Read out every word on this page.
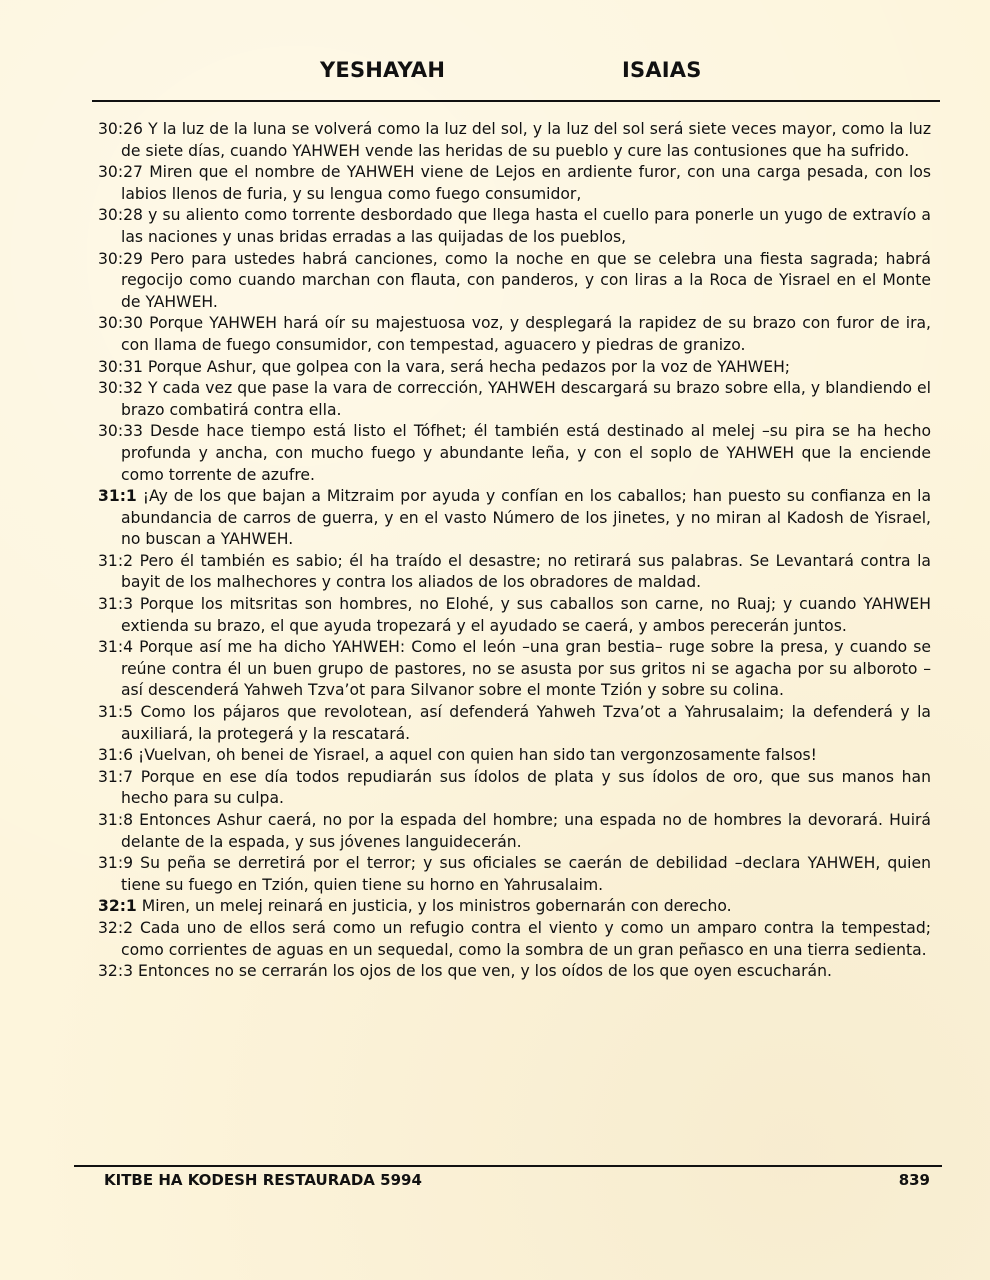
YESHAYAH	ISAIAS

30:26 Y la luz de la luna se volverá como la luz del sol, y la luz del sol será siete veces mayor, como la luz de siete días, cuando YAHWEH vende las heridas de su pueblo y cure las contusiones que ha sufrido.

30:27 Miren que el nombre de YAHWEH viene de Lejos en ardiente furor, con una carga pesada, con los labios llenos de furia, y su lengua como fuego consumidor,

30:28 y su aliento como torrente desbordado que llega hasta el cuello para ponerle un yugo de extravío a las naciones y unas bridas erradas a las quijadas de los pueblos,

30:29 Pero para ustedes habrá canciones, como la noche en que se celebra una fiesta sagrada; habrá regocijo como cuando marchan con flauta, con panderos, y con liras a la Roca de Yisrael en el Monte de YAHWEH.

30:30 Porque YAHWEH hará oír su majestuosa voz, y desplegará la rapidez de su brazo con furor de ira, con llama de fuego consumidor, con tempestad, aguacero y piedras de granizo.

30:31 Porque Ashur, que golpea con la vara, será hecha pedazos por la voz de YAHWEH;

30:32 Y cada vez que pase la vara de corrección, YAHWEH descargará su brazo sobre ella, y blandiendo el brazo combatirá contra ella.

30:33 Desde hace tiempo está listo el Tófhet; él también está destinado al melej –su pira se ha hecho profunda y ancha, con mucho fuego y abundante leña, y con el soplo de YAHWEH que la enciende como torrente de azufre.

31:1 ¡Ay de los que bajan a Mitzraim por ayuda y confían en los caballos; han puesto su confianza en la abundancia de carros de guerra, y en el vasto Número de los jinetes, y no miran al Kadosh de Yisrael, no buscan a YAHWEH.

31:2 Pero él también es sabio; él ha traído el desastre; no retirará sus palabras. Se Levantará contra la bayit de los malhechores y contra los aliados de los obradores de maldad.

31:3 Porque los mitsritas son hombres, no Elohé, y sus caballos son carne, no Ruaj; y cuando YAHWEH extienda su brazo, el que ayuda tropezará y el ayudado se caerá, y ambos perecerán juntos.

31:4 Porque así me ha dicho YAHWEH: Como el león –una gran bestia– ruge sobre la presa, y cuando se reúne contra él un buen grupo de pastores, no se asusta por sus gritos ni se agacha por su alboroto –así descenderá Yahweh Tzva’ot para Silvanor sobre el monte Tzión y sobre su colina.

31:5 Como los pájaros que revolotean, así defenderá Yahweh Tzva’ot a Yahrusalaim; la defenderá y la auxiliará, la protegerá y la rescatará.

31:6 ¡Vuelvan, oh benei de Yisrael, a aquel con quien han sido tan vergonzosamente falsos!

31:7 Porque en ese día todos repudiarán sus ídolos de plata y sus ídolos de oro, que sus manos han hecho para su culpa.

31:8 Entonces Ashur caerá, no por la espada del hombre; una espada no de hombres la devorará. Huirá delante de la espada, y sus jóvenes languidecerán.

31:9 Su peña se derretirá por el terror; y sus oficiales se caerán de debilidad –declara YAHWEH, quien tiene su fuego en Tzión, quien tiene su horno en Yahrusalaim.

32:1 Miren, un melej reinará en justicia, y los ministros gobernarán con derecho.

32:2 Cada uno de ellos será como un refugio contra el viento y como un amparo contra la tempestad; como corrientes de aguas en un sequedal, como la sombra de un gran peñasco en una tierra sedienta.

32:3 Entonces no se cerrarán los ojos de los que ven, y los oídos de los que oyen escucharán.

KITBE HA KODESH RESTAURADA 5994	839
